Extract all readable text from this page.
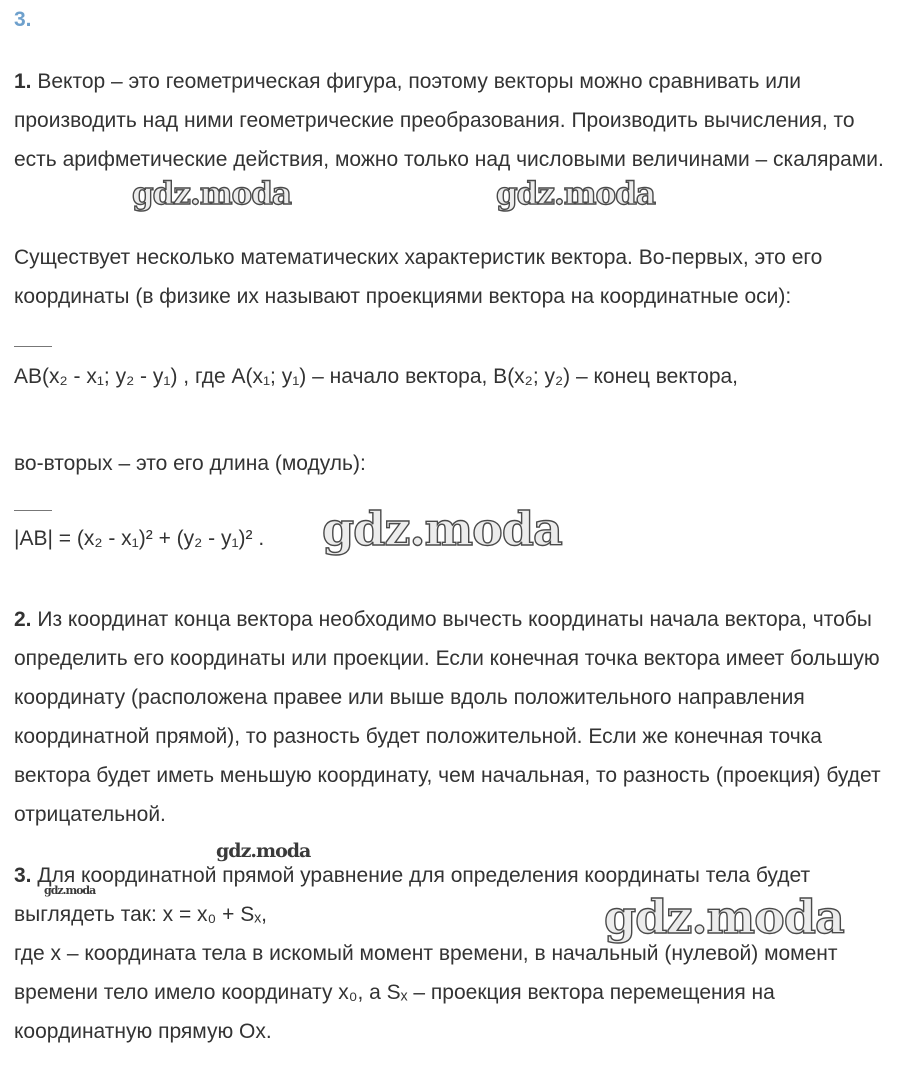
3.

1. Вектор – это геометрическая фигура, поэтому векторы можно сравнивать или производить над ними геометрические преобразования. Производить вычисления, то есть арифметические действия, можно только над числовыми величинами – скалярами.

Существует несколько математических характеристик вектора. Во-первых, это его координаты (в физике их называют проекциями вектора на координатные оси):

AB(x₂ - x₁; y₂ - y₁) , где A(x₁; y₁) – начало вектора, B(x₂; y₂) – конец вектора,

во-вторых – это его длина (модуль):

|AB| = (x₂ - x₁)² + (y₂ - y₁)² .

2. Из координат конца вектора необходимо вычесть координаты начала вектора, чтобы определить его координаты или проекции. Если конечная точка вектора имеет большую координату (расположена правее или выше вдоль положительного направления координатной прямой), то разность будет положительной. Если же конечная точка вектора будет иметь меньшую координату, чем начальная, то разность (проекция) будет отрицательной.

3. Для координатной прямой уравнение для определения координаты тела будет выглядеть так: x = x₀ + Sₓ,
где x – координата тела в искомый момент времени, в начальный (нулевой) момент времени тело имело координату x₀, а Sₓ – проекция вектора перемещения на координатную прямую Ox.

gdz.moda	gdz.moda
gdz.moda
gdz.moda
gdz.moda	gdz.moda
